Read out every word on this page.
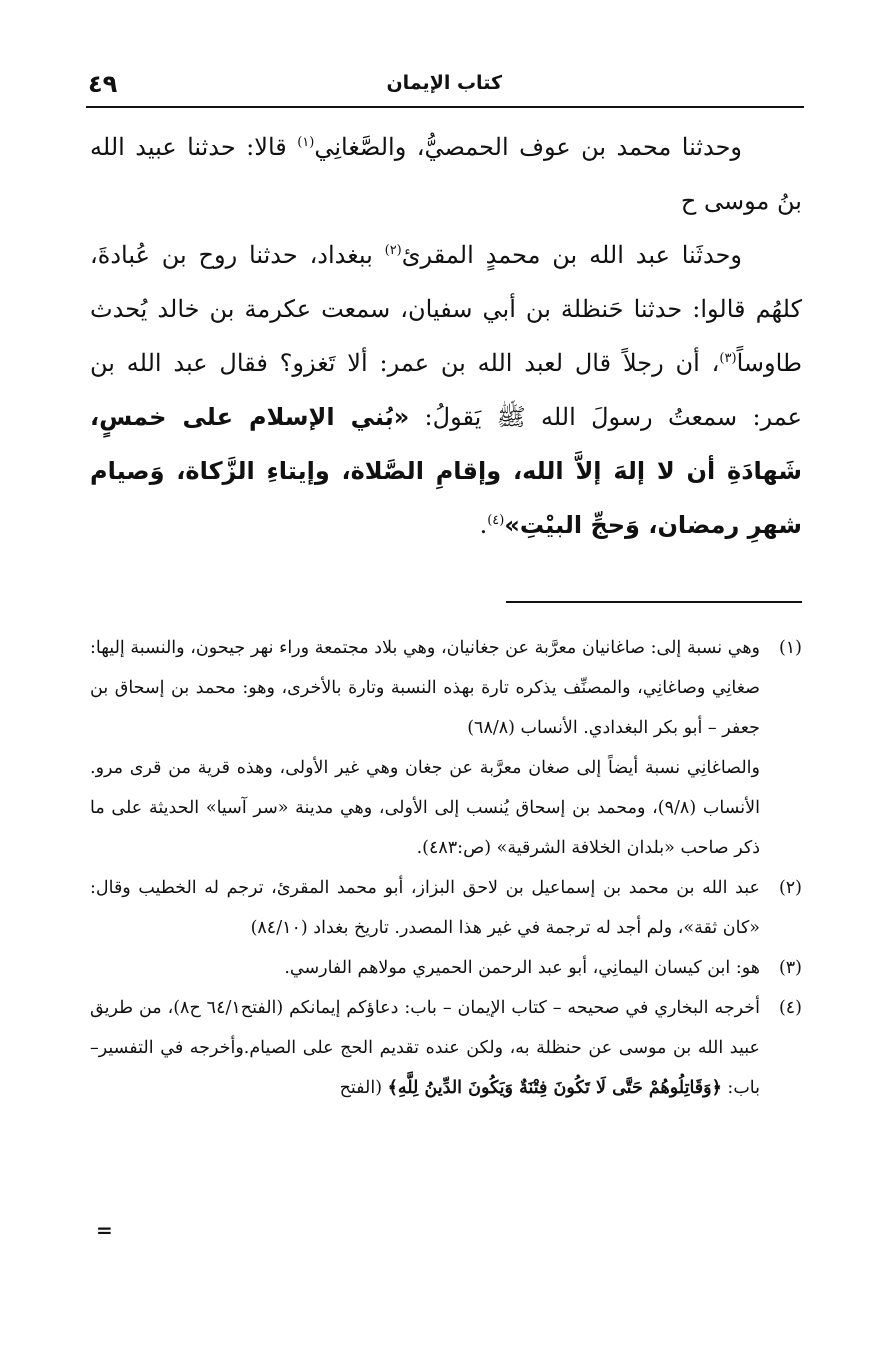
٤٩	كتاب الإيمان

وحدثنا محمد بن عوف الحمصيُّ، والصَّغانِي$^{(١)}$ قالا: حدثنا عبيد الله بنُ موسى ح

وحدثَنا عبد الله بن محمدٍ المقرئ$^{(٢)}$ ببغداد، حدثنا روح بن عُبادةَ، كلهُم قالوا: حدثنا حَنظلة بن أبي سفيان، سمعت عكرمة بن خالد يُحدث طاوساً$^{(٣)}$، أن رجلاً قال لعبد الله بن عمر: ألا تَغزو؟ فقال عبد الله بن عمر: سمعتُ رسولَ الله ﷺ يَقولُ: «بُني الإسلام على خمسٍ، شَهادَةِ أن لا إلهَ إلاَّ الله، وإقامِ الصَّلاة، وإيتاءِ الزَّكاة، وَصيام شهرِ رمضان، وَحجِّ البيْتِ»$^{(٤)}$.

(١)
وهي نسبة إلى: صاغانيان معرَّبة عن جغانيان، وهي بلاد مجتمعة وراء نهر جيحون، والنسبة إليها: صغانِي وصاغانِي، والمصنِّف يذكره تارة بهذه النسبة وتارة بالأخرى، وهو: محمد بن إسحاق بن جعفر – أبو بكر البغدادي. الأنساب (٦٨/٨)

والصاغانِي نسبة أيضاً إلى صغان معرَّبة عن جغان وهي غير الأولى، وهذه قرية من قرى مرو. الأنساب (٩/٨)، ومحمد بن إسحاق يُنسب إلى الأولى، وهي مدينة «سر آسيا» الحديثة على ما ذكر صاحب «بلدان الخلافة الشرقية» (ص:٤٨٣).

(٢)
عبد الله بن محمد بن إسماعيل بن لاحق البزاز، أبو محمد المقرئ، ترجم له الخطيب وقال: «كان ثقة»، ولم أجد له ترجمة في غير هذا المصدر. تاريخ بغداد (٨٤/١٠)

(٣)
هو: ابن كيسان اليمانِي، أبو عبد الرحمن الحميري مولاهم الفارسي.

(٤)
أخرجه البخاري في صحيحه – كتاب الإيمان – باب: دعاؤكم إيمانكم (الفتح٦٤/١ ح٨)، من طريق عبيد الله بن موسى عن حنظلة به، ولكن عنده تقديم الحج على الصيام.وأخرجه في التفسير– باب: ﴿وَقَاتِلُوهُمْ حَتَّى لَا تَكُونَ فِتْنَةٌ وَيَكُونَ الدِّينُ لِلَّهِ﴾ (الفتح

=
